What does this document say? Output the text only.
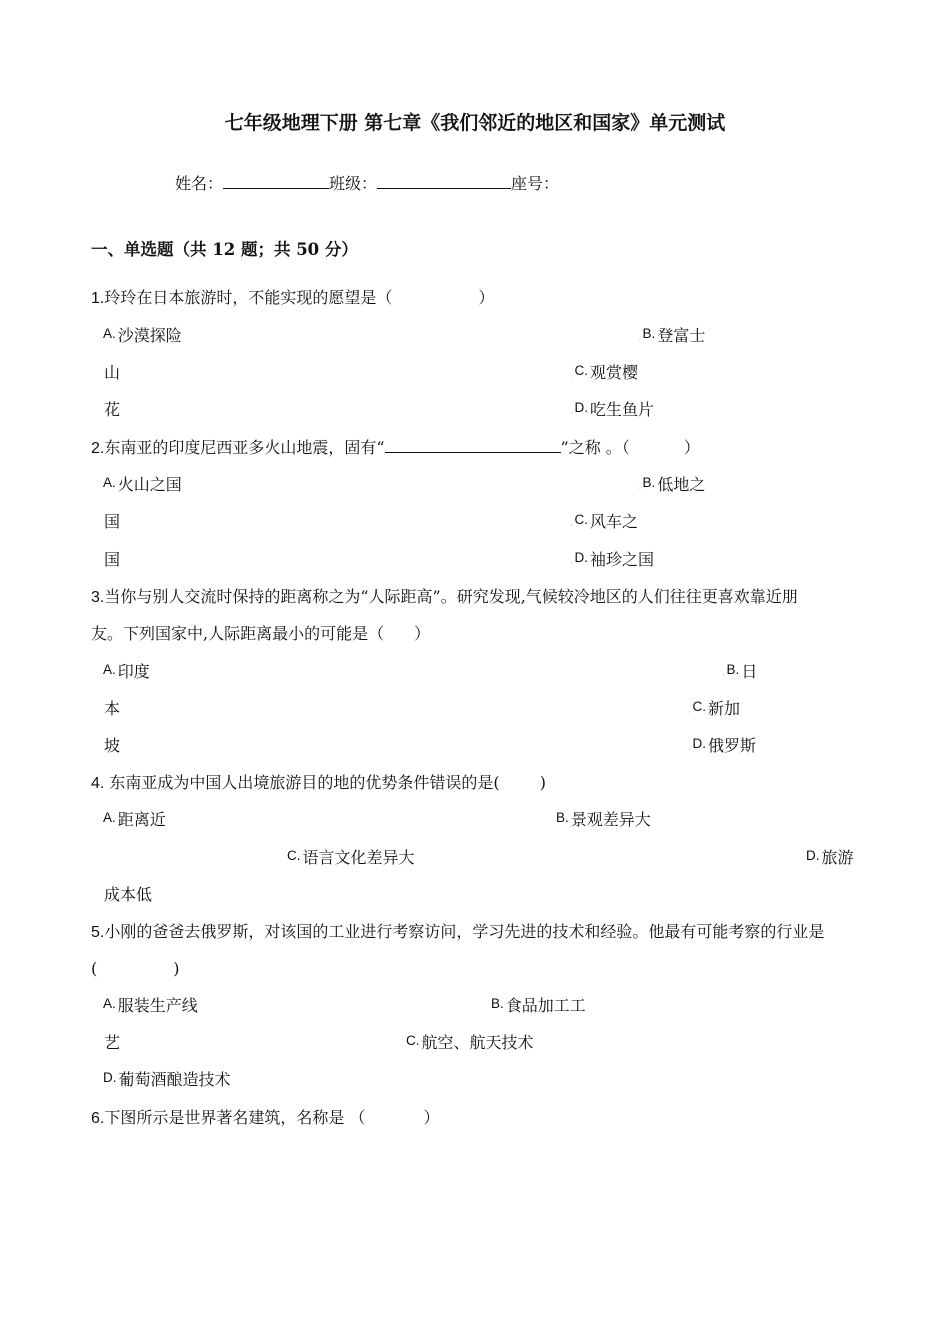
七年级地理下册 第七章《我们邻近的地区和国家》单元测试
姓名：	班级：	座号：
一、单选题（共 12 题；共 50 分）
1.玲玲在日本旅游时，不能实现的愿望是（	）
A. 沙漠探险	◦B. 登富士
山	◦C. 观赏樱
花	◦D. 吃生鱼片
2.东南亚的印度尼西亚多火山地震，固有“	”之称 。（	）
A. 火山之国	◦B. 低地之
国	◦C. 风车之
国	◦D. 袖珍之国
3.当你与别人交流时保持的距离称之为“人际距高”。研究发现,气候较冷地区的人们往往更喜欢靠近朋
友。下列国家中,人际距离最小的可能是（ ）
A. 印度	◦B. 日
本	◦C. 新加
坡	◦D. 俄罗斯
4. 东南亚成为中国人出境旅游目的地的优势条件错误的是(	)
A. 距离近	B. 景观差异大
C. 语言文化差异大	D. 旅游
成本低
5.小刚的爸爸去俄罗斯，对该国的工业进行考察访问，学习先进的技术和经验。他最有可能考察的行业是
(	)
A. 服装生产线	B. 食品加工工
艺	C. 航空、航天技术
D. 葡萄酒酿造技术
6.下图所示是世界著名建筑，名称是 （	）
